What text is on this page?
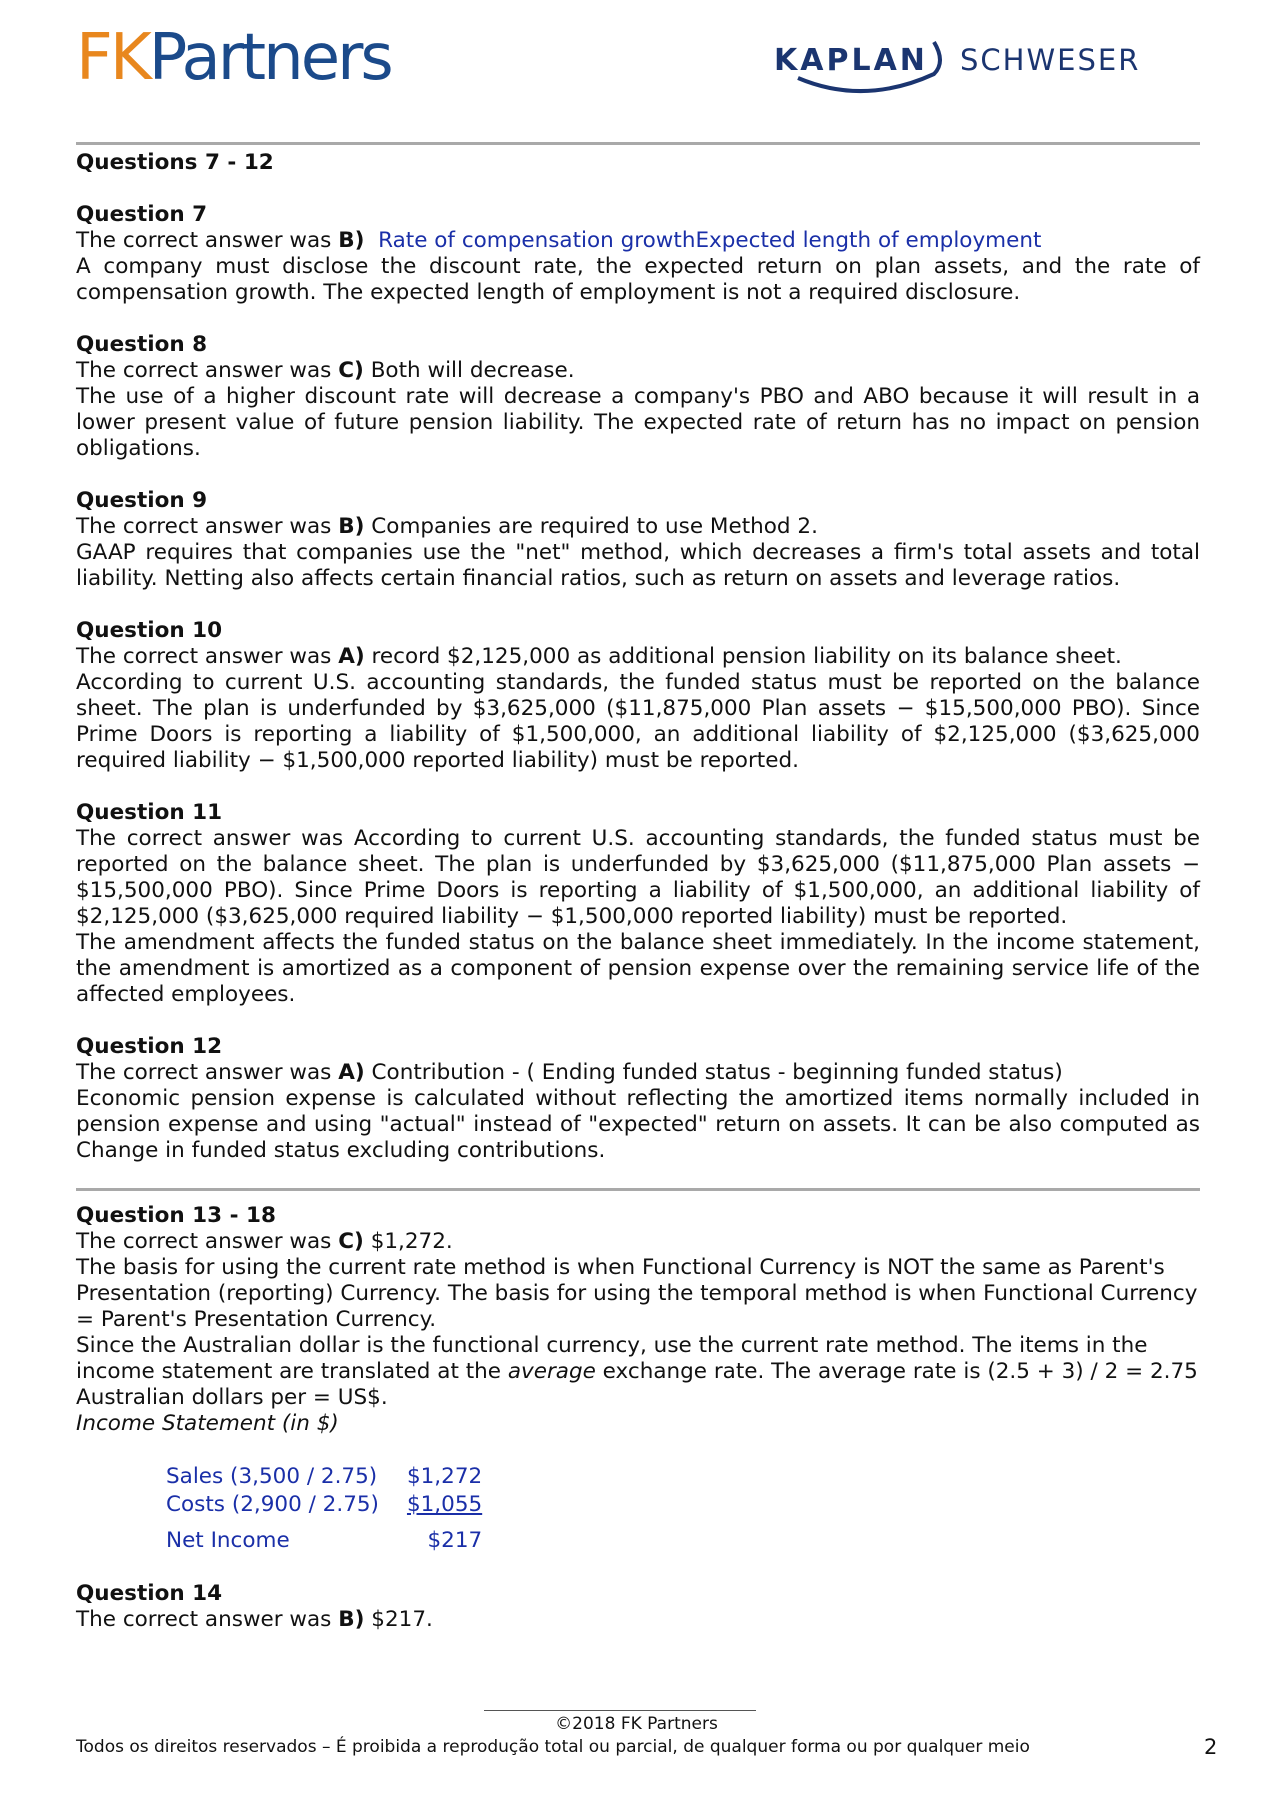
FKPartners	KAPLAN SCHWESER

Questions 7 - 12

Question 7
The correct answer was B) Rate of compensation growthExpected length of employment
A company must disclose the discount rate, the expected return on plan assets, and the rate of compensation growth. The expected length of employment is not a required disclosure.
Question 8
The correct answer was C) Both will decrease.
The use of a higher discount rate will decrease a company's PBO and ABO because it will result in a lower present value of future pension liability. The expected rate of return has no impact on pension obligations.
Question 9
The correct answer was B) Companies are required to use Method 2.
GAAP requires that companies use the "net" method, which decreases a firm's total assets and total liability. Netting also affects certain financial ratios, such as return on assets and leverage ratios.
Question 10
The correct answer was A) record $2,125,000 as additional pension liability on its balance sheet.
According to current U.S. accounting standards, the funded status must be reported on the balance sheet. The plan is underfunded by $3,625,000 ($11,875,000 Plan assets − $15,500,000 PBO). Since Prime Doors is reporting a liability of $1,500,000, an additional liability of $2,125,000 ($3,625,000 required liability − $1,500,000 reported liability) must be reported.
Question 11
The correct answer was According to current U.S. accounting standards, the funded status must be reported on the balance sheet. The plan is underfunded by $3,625,000 ($11,875,000 Plan assets − $15,500,000 PBO). Since Prime Doors is reporting a liability of $1,500,000, an additional liability of $2,125,000 ($3,625,000 required liability − $1,500,000 reported liability) must be reported.
The amendment affects the funded status on the balance sheet immediately. In the income statement, the amendment is amortized as a component of pension expense over the remaining service life of the affected employees.
Question 12
The correct answer was A) Contribution - ( Ending funded status - beginning funded status)
Economic pension expense is calculated without reflecting the amortized items normally included in pension expense and using "actual" instead of "expected" return on assets. It can be also computed as Change in funded status excluding contributions.
Question 13 - 18
The correct answer was C) $1,272.
The basis for using the current rate method is when Functional Currency is NOT the same as Parent's Presentation (reporting) Currency. The basis for using the temporal method is when Functional Currency = Parent's Presentation Currency.
Since the Australian dollar is the functional currency, use the current rate method. The items in the income statement are translated at the average exchange rate. The average rate is (2.5 + 3) / 2 = 2.75 Australian dollars per = US$.
Income Statement (in $)
Sales (3,500 / 2.75)	$1,272
Costs (2,900 / 2.75)	$1,055
Net Income	$217
Question 14
The correct answer was B) $217.
©2018 FK Partners
Todos os direitos reservados – É proibida a reprodução total ou parcial, de qualquer forma ou por qualquer meio	2
